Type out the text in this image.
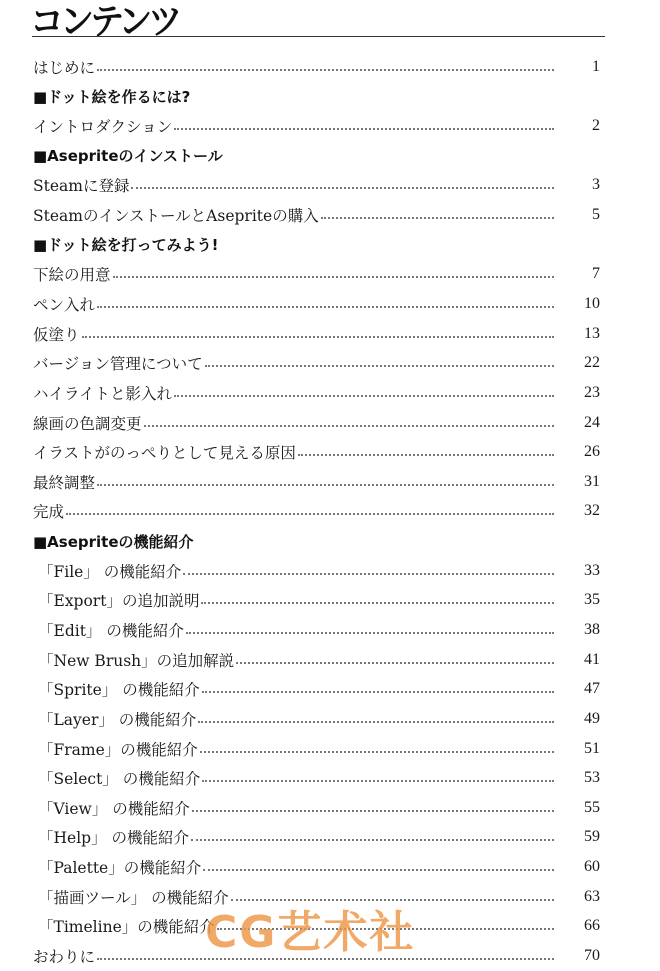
コンテンツ
はじめに	1
■ドット絵を作るには?
イントロダクション	2
■Asepriteのインストール
Steamに登録	3
SteamのインストールとAsepriteの購入	5
■ドット絵を打ってみよう!
下絵の用意	7
ペン入れ	10
仮塗り	13
バージョン管理について	22
ハイライトと影入れ	23
線画の色調変更	24
イラストがのっぺりとして見える原因	26
最終調整	31
完成	32
■Asepriteの機能紹介
「File」 の機能紹介	33
「Export」の追加説明	35
「Edit」 の機能紹介	38
「New Brush」の追加解説	41
「Sprite」 の機能紹介	47
「Layer」 の機能紹介	49
「Frame」の機能紹介	51
「Select」 の機能紹介	53
「View」 の機能紹介	55
「Help」 の機能紹介	59
「Palette」の機能紹介	60
「描画ツール」 の機能紹介	63
「Timeline」の機能紹介	66
おわりに	70
CG艺术社
